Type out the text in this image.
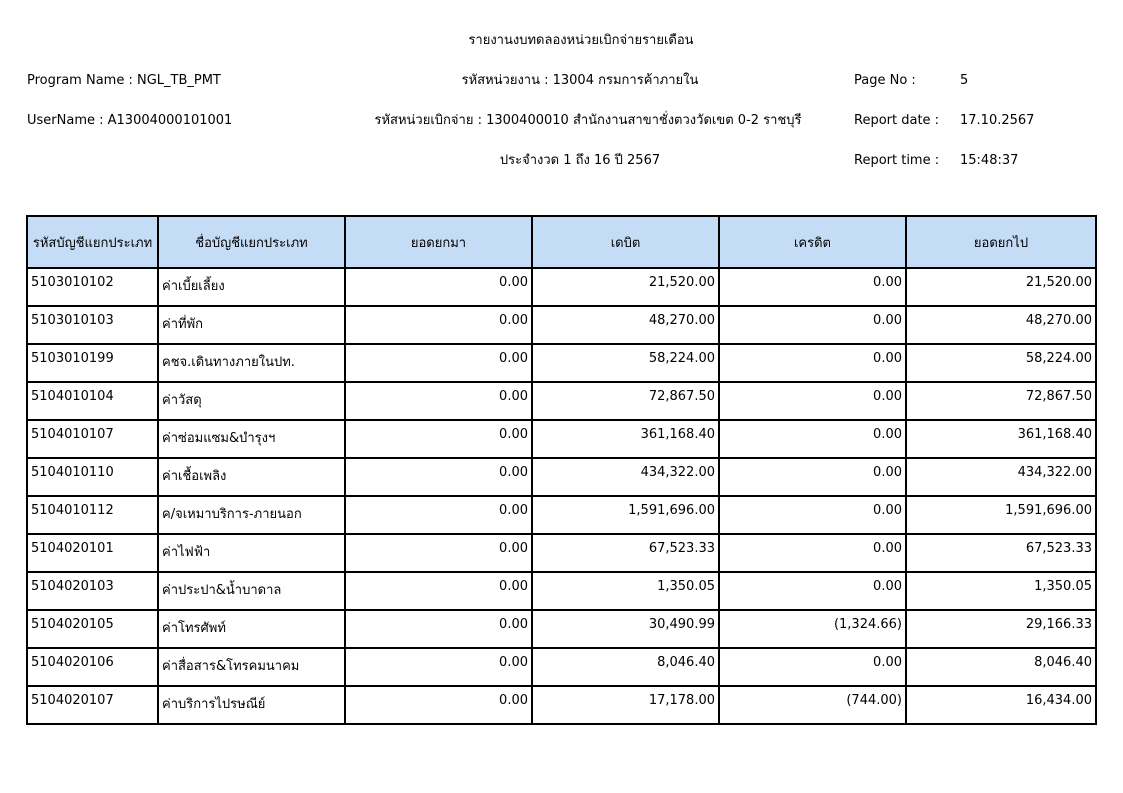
รายงานงบทดลองหน่วยเบิกจ่ายรายเดือน
Program Name : NGL_TB_PMT	รหัสหน่วยงาน : 13004 กรมการค้าภายใน	Page No :	5
UserName : A13004000101001	รหัสหน่วยเบิกจ่าย : 1300400010 สำนักงานสาขาชั่งตวงวัดเขต 0-2 ราชบุรี	Report date : 17.10.2567
ประจำงวด 1 ถึง 16 ปี 2567	Report time : 15:48:37
รหัสบัญชีแยกประเภท	ชื่อบัญชีแยกประเภท	ยอดยกมา	เดบิต	เครดิต	ยอดยกไป
5103010102	ค่าเบี้ยเลี้ยง	0.00	21,520.00	0.00	21,520.00
5103010103	ค่าที่พัก	0.00	48,270.00	0.00	48,270.00
5103010199	คชจ.เดินทางภายในปท.	0.00	58,224.00	0.00	58,224.00
5104010104	ค่าวัสดุ	0.00	72,867.50	0.00	72,867.50
5104010107	ค่าซ่อมแซม&บำรุงฯ	0.00	361,168.40	0.00	361,168.40
5104010110	ค่าเชื้อเพลิง	0.00	434,322.00	0.00	434,322.00
5104010112	ค/จเหมาบริการ-ภายนอก	0.00	1,591,696.00	0.00	1,591,696.00
5104020101	ค่าไฟฟ้า	0.00	67,523.33	0.00	67,523.33
5104020103	ค่าประปา&น้ำบาดาล	0.00	1,350.05	0.00	1,350.05
5104020105	ค่าโทรศัพท์	0.00	30,490.99	(1,324.66)	29,166.33
5104020106	ค่าสื่อสาร&โทรคมนาคม	0.00	8,046.40	0.00	8,046.40
5104020107	ค่าบริการไปรษณีย์	0.00	17,178.00	(744.00)	16,434.00
